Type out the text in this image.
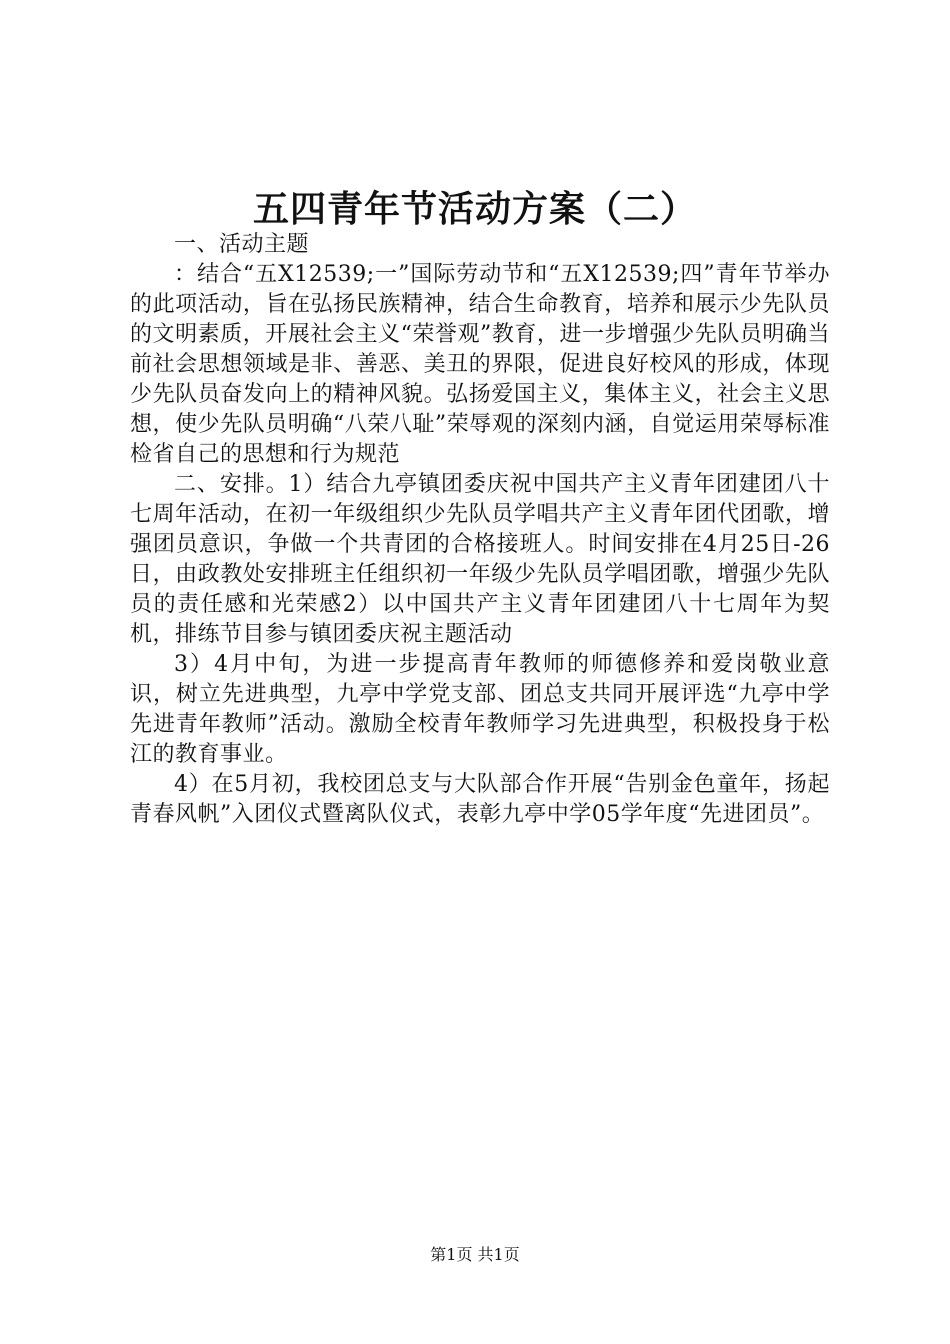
五四青年节活动方案（二）

一、活动主题

：结合“五X12539;一”国际劳动节和“五X12539;四”青年节举办的此项活动，旨在弘扬民族精神，结合生命教育，培养和展示少先队员的文明素质，开展社会主义“荣誉观”教育，进一步增强少先队员明确当前社会思想领域是非、善恶、美丑的界限，促进良好校风的形成，体现少先队员奋发向上的精神风貌。弘扬爱国主义，集体主义，社会主义思想，使少先队员明确“八荣八耻”荣辱观的深刻内涵，自觉运用荣辱标准检省自己的思想和行为规范

二、安排。1）结合九亭镇团委庆祝中国共产主义青年团建团八十七周年活动，在初一年级组织少先队员学唱共产主义青年团代团歌，增强团员意识，争做一个共青团的合格接班人。时间安排在4月25日-26日，由政教处安排班主任组织初一年级少先队员学唱团歌，增强少先队员的责任感和光荣感2）以中国共产主义青年团建团八十七周年为契机，排练节目参与镇团委庆祝主题活动

3）4月中旬，为进一步提高青年教师的师德修养和爱岗敬业意识，树立先进典型，九亭中学党支部、团总支共同开展评选“九亭中学先进青年教师”活动。激励全校青年教师学习先进典型，积极投身于松江的教育事业。

4）在5月初，我校团总支与大队部合作开展“告别金色童年，扬起青春风帆”入团仪式暨离队仪式，表彰九亭中学05学年度“先进团员”。

第1页 共1页
